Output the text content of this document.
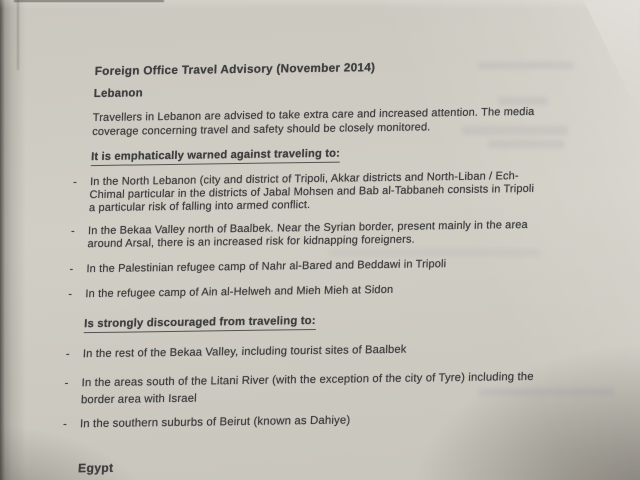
Foreign Office Travel Advisory (November 2014)
Lebanon
Travellers in Lebanon are advised to take extra care and increased attention. The media
coverage concerning travel and safety should be closely monitored.
It is emphatically warned against traveling to:
- In the North Lebanon (city and district of Tripoli, Akkar districts and North-Liban / Ech-
Chimal particular in the districts of Jabal Mohsen and Bab al-Tabbaneh consists in Tripoli
a particular risk of falling into armed conflict.
- In the Bekaa Valley north of Baalbek. Near the Syrian border, present mainly in the area
around Arsal, there is an increased risk for kidnapping foreigners.
- In the Palestinian refugee camp of Nahr al-Bared and Beddawi in Tripoli
- In the refugee camp of Ain al-Helweh and Mieh Mieh at Sidon
Is strongly discouraged from traveling to:
- In the rest of the Bekaa Valley, including tourist sites of Baalbek
- In the areas south of the Litani River (with the exception of the city of Tyre) including the
border area with Israel
- In the southern suburbs of Beirut (known as Dahiye)
Egypt
